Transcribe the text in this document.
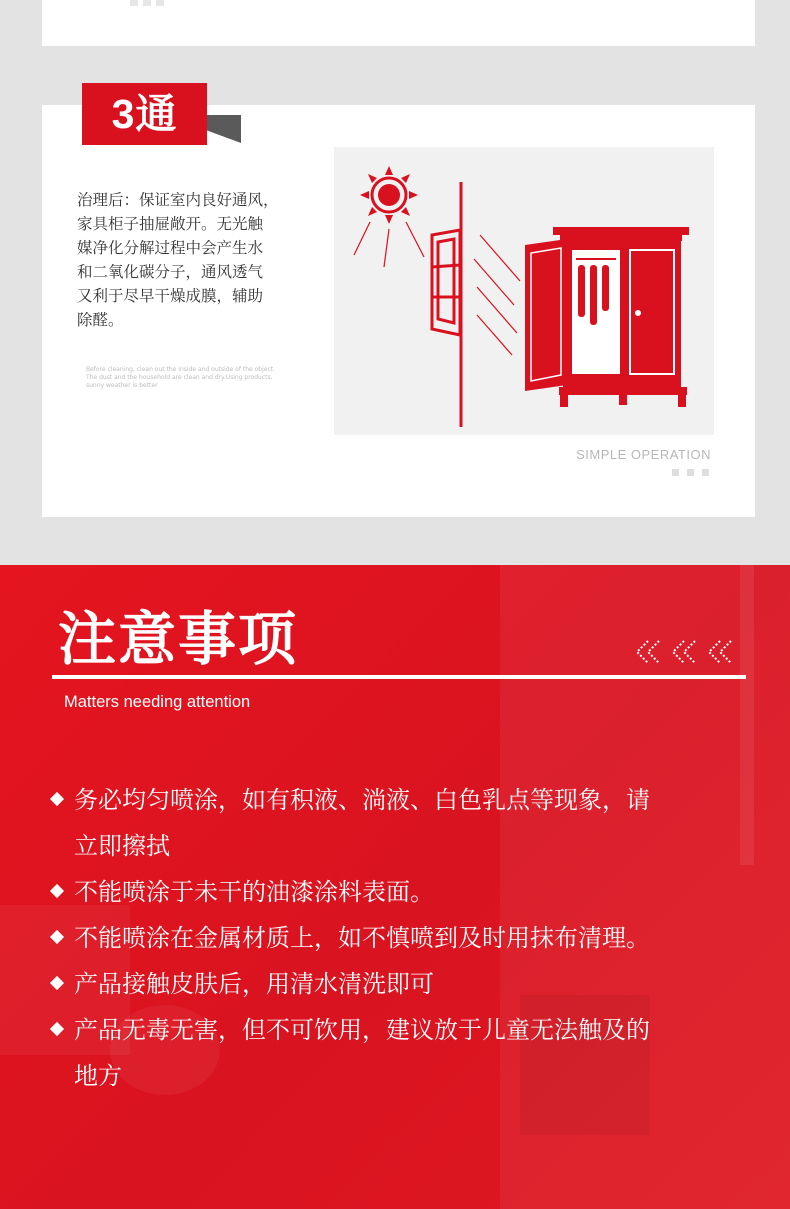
3通
治理后：保证室内良好通风，
家具柜子抽屉敞开。无光触
媒净化分解过程中会产生水
和二氧化碳分子，通风透气
又利于尽早干燥成膜，辅助
除醛。
Before cleaning, clean out the inside and outside of the object.
The dust and the household are clean and dry.Using products,
sunny weather is better
SIMPLE OPERATION
注意事项
Matters needing attention
务必均匀喷涂，如有积液、淌液、白色乳点等现象，请
立即擦拭
不能喷涂于未干的油漆涂料表面。
不能喷涂在金属材质上，如不慎喷到及时用抹布清理。
产品接触皮肤后，用清水清洗即可
产品无毒无害，但不可饮用，建议放于儿童无法触及的
地方
